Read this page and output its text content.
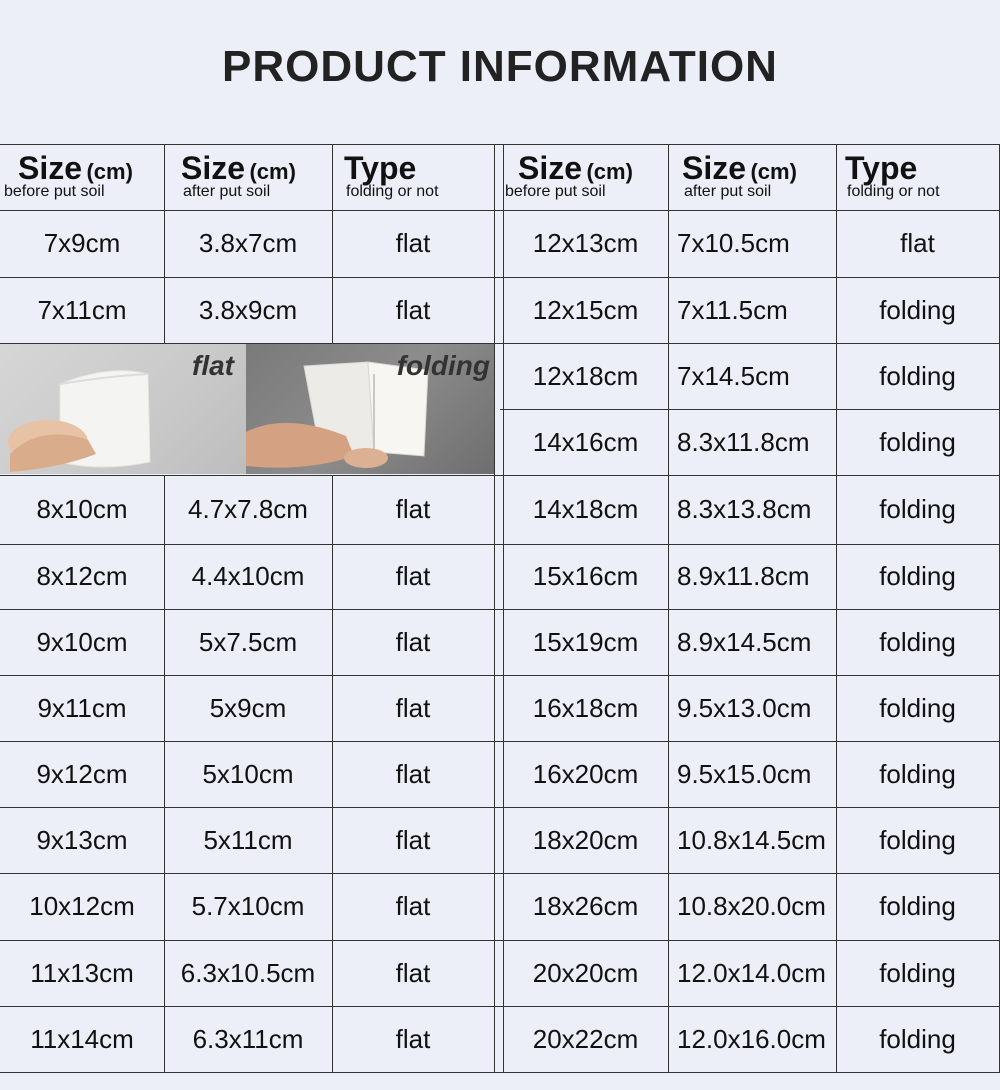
PRODUCT INFORMATION
Size (cm)
before put soil
Size (cm)
after put soil
Type
folding or not
flat	folding
7x9cm	3.8x7cm	flat
7x11cm	3.8x9cm	flat
8x10cm	4.7x7.8cm	flat
8x12cm	4.4x10cm	flat
9x10cm	5x7.5cm	flat
9x11cm	5x9cm	flat
9x12cm	5x10cm	flat
9x13cm	5x11cm	flat
10x12cm	5.7x10cm	flat
11x13cm	6.3x10.5cm	flat
11x14cm	6.3x11cm	flat
Size (cm)
before put soil
Size (cm)
after put soil
Type
folding or not
12x13cm	7x10.5cm	flat
12x15cm	7x11.5cm	folding
12x18cm	7x14.5cm	folding
14x16cm	8.3x11.8cm	folding
14x18cm	8.3x13.8cm	folding
15x16cm	8.9x11.8cm	folding
15x19cm	8.9x14.5cm	folding
16x18cm	9.5x13.0cm	folding
16x20cm	9.5x15.0cm	folding
18x20cm	10.8x14.5cm	folding
18x26cm	10.8x20.0cm	folding
20x20cm	12.0x14.0cm	folding
20x22cm	12.0x16.0cm	folding
